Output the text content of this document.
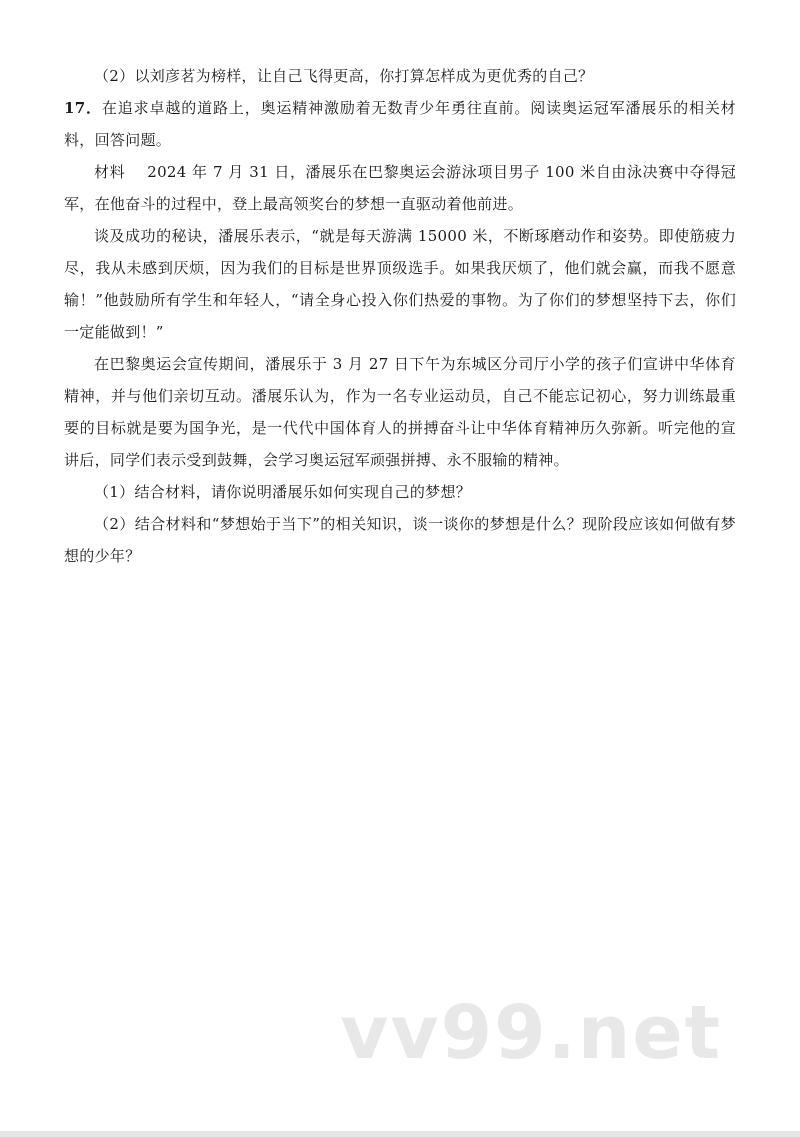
（2）以刘彦茗为榜样，让自己飞得更高，你打算怎样成为更优秀的自己？

17．在追求卓越的道路上，奥运精神激励着无数青少年勇往直前。阅读奥运冠军潘展乐的相关材料，回答问题。

材料 2024 年 7 月 31 日，潘展乐在巴黎奥运会游泳项目男子 100 米自由泳决赛中夺得冠军，在他奋斗的过程中，登上最高领奖台的梦想一直驱动着他前进。

谈及成功的秘诀，潘展乐表示，“就是每天游满 15000 米，不断琢磨动作和姿势。即使筋疲力尽，我从未感到厌烦，因为我们的目标是世界顶级选手。如果我厌烦了，他们就会赢，而我不愿意输！”他鼓励所有学生和年轻人，“请全身心投入你们热爱的事物。为了你们的梦想坚持下去，你们一定能做到！”

在巴黎奥运会宣传期间，潘展乐于 3 月 27 日下午为东城区分司厅小学的孩子们宣讲中华体育精神，并与他们亲切互动。潘展乐认为，作为一名专业运动员，自己不能忘记初心，努力训练最重要的目标就是要为国争光，是一代代中国体育人的拼搏奋斗让中华体育精神历久弥新。听完他的宣讲后，同学们表示受到鼓舞，会学习奥运冠军顽强拼搏、永不服输的精神。

（1）结合材料，请你说明潘展乐如何实现自己的梦想？

（2）结合材料和“梦想始于当下”的相关知识，谈一谈你的梦想是什么？现阶段应该如何做有梦想的少年？

vv99.net
